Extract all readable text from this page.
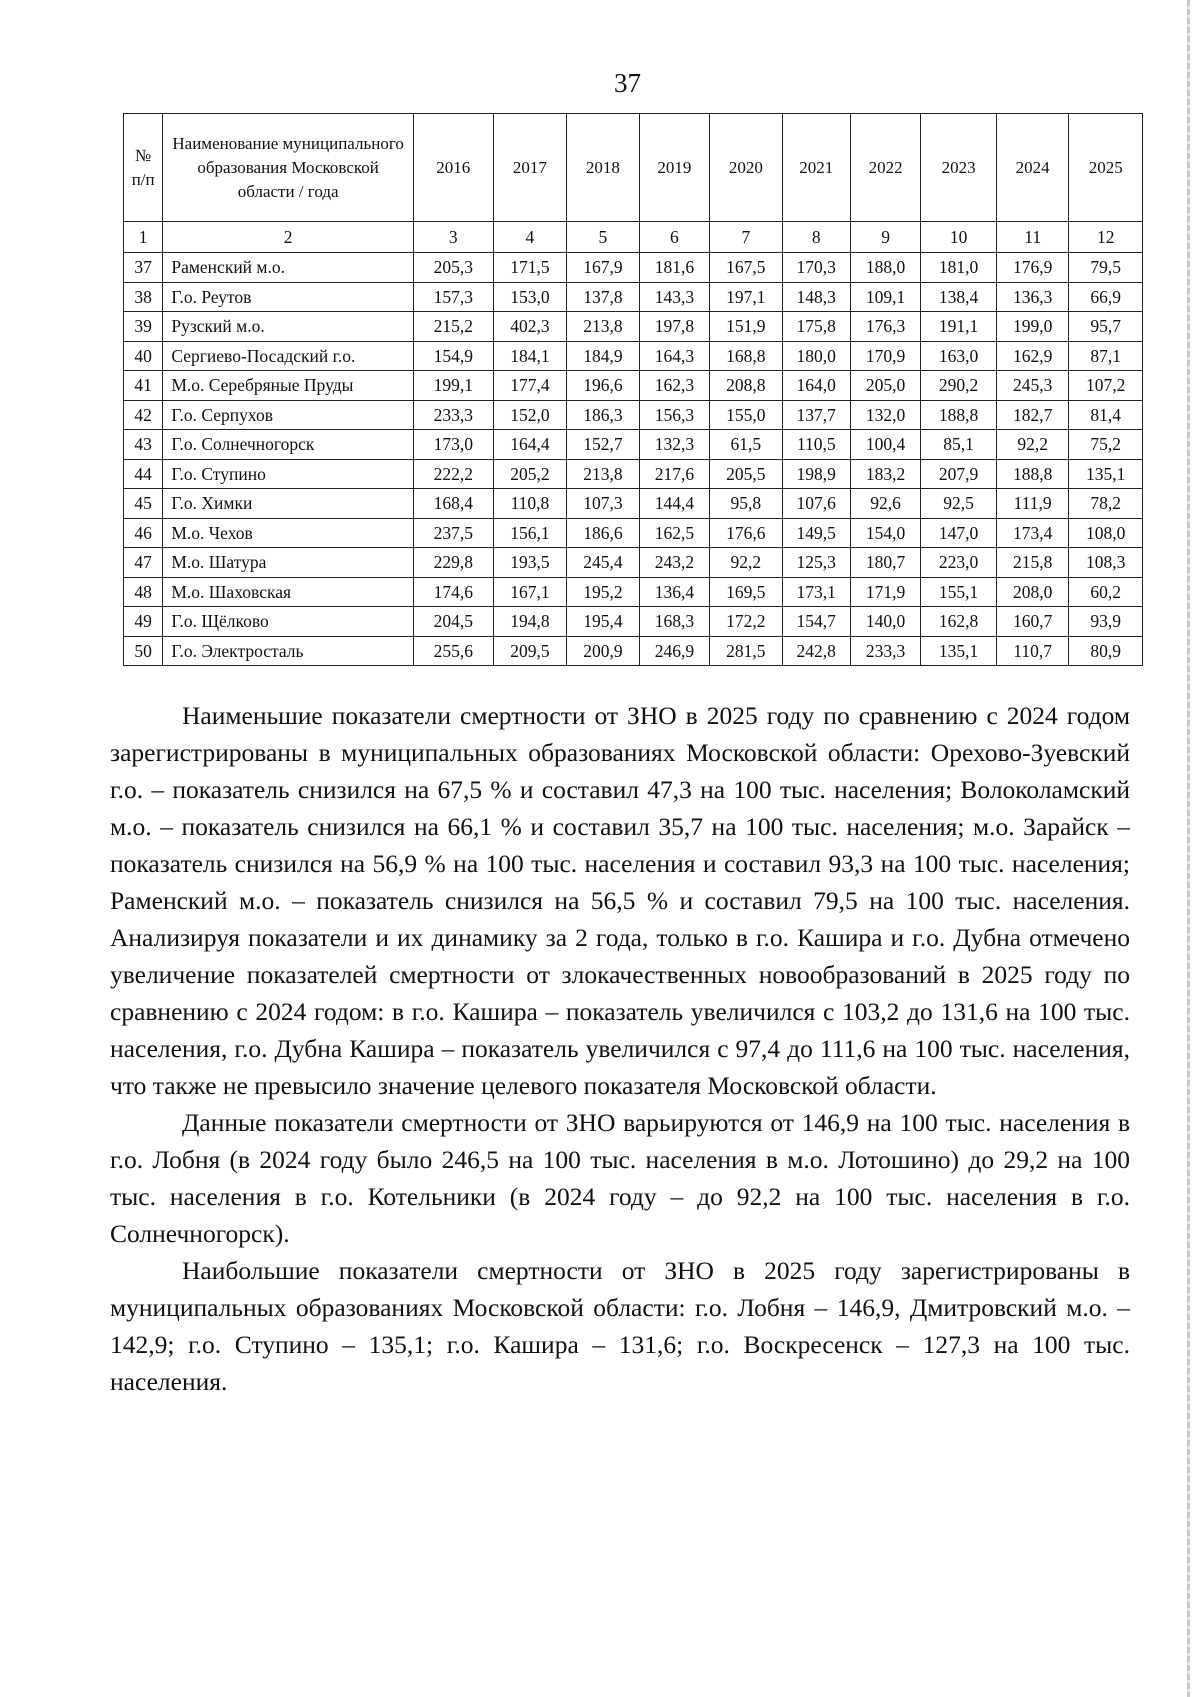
37
№ п/п	Наименование муниципального образования Московской области / года	2016	2017	2018	2019	2020	2021	2022	2023	2024	2025
1	2	3	4	5	6	7	8	9	10	11	12
37	Раменский м.о.	205,3	171,5	167,9	181,6	167,5	170,3	188,0	181,0	176,9	79,5
38	Г.о. Реутов	157,3	153,0	137,8	143,3	197,1	148,3	109,1	138,4	136,3	66,9
39	Рузский м.о.	215,2	402,3	213,8	197,8	151,9	175,8	176,3	191,1	199,0	95,7
40	Сергиево-Посадский г.о.	154,9	184,1	184,9	164,3	168,8	180,0	170,9	163,0	162,9	87,1
41	М.о. Серебряные Пруды	199,1	177,4	196,6	162,3	208,8	164,0	205,0	290,2	245,3	107,2
42	Г.о. Серпухов	233,3	152,0	186,3	156,3	155,0	137,7	132,0	188,8	182,7	81,4
43	Г.о. Солнечногорск	173,0	164,4	152,7	132,3	61,5	110,5	100,4	85,1	92,2	75,2
44	Г.о. Ступино	222,2	205,2	213,8	217,6	205,5	198,9	183,2	207,9	188,8	135,1
45	Г.о. Химки	168,4	110,8	107,3	144,4	95,8	107,6	92,6	92,5	111,9	78,2
46	М.о. Чехов	237,5	156,1	186,6	162,5	176,6	149,5	154,0	147,0	173,4	108,0
47	М.о. Шатура	229,8	193,5	245,4	243,2	92,2	125,3	180,7	223,0	215,8	108,3
48	М.о. Шаховская	174,6	167,1	195,2	136,4	169,5	173,1	171,9	155,1	208,0	60,2
49	Г.о. Щёлково	204,5	194,8	195,4	168,3	172,2	154,7	140,0	162,8	160,7	93,9
50	Г.о. Электросталь	255,6	209,5	200,9	246,9	281,5	242,8	233,3	135,1	110,7	80,9

Наименьшие показатели смертности от ЗНО в 2025 году по сравнению с 2024 годом зарегистрированы в муниципальных образованиях Московской области: Орехово-Зуевский г.о. – показатель снизился на 67,5 % и составил 47,3 на 100 тыс. населения; Волоколамский м.о. – показатель снизился на 66,1 % и составил 35,7 на 100 тыс. населения; м.о. Зарайск – показатель снизился на 56,9 % на 100 тыс. населения и составил 93,3 на 100 тыс. населения; Раменский м.о. – показатель снизился на 56,5 % и составил 79,5 на 100 тыс. населения. Анализируя показатели и их динамику за 2 года, только в г.о. Кашира и г.о. Дубна отмечено увеличение показателей смертности от злокачественных новообразований в 2025 году по сравнению с 2024 годом: в г.о. Кашира – показатель увеличился с 103,2 до 131,6 на 100 тыс. населения, г.о. Дубна Кашира – показатель увеличился с 97,4 до 111,6 на 100 тыс. населения, что также не превысило значение целевого показателя Московской области.

Данные показатели смертности от ЗНО варьируются от 146,9 на 100 тыс. населения в г.о. Лобня (в 2024 году было 246,5 на 100 тыс. населения в м.о. Лотошино) до 29,2 на 100 тыс. населения в г.о. Котельники (в 2024 году – до 92,2 на 100 тыс. населения в г.о. Солнечногорск).

Наибольшие показатели смертности от ЗНО в 2025 году зарегистрированы в муниципальных образованиях Московской области: г.о. Лобня – 146,9, Дмитровский м.о. – 142,9; г.о. Ступино – 135,1; г.о. Кашира – 131,6; г.о. Воскресенск – 127,3 на 100 тыс. населения.
